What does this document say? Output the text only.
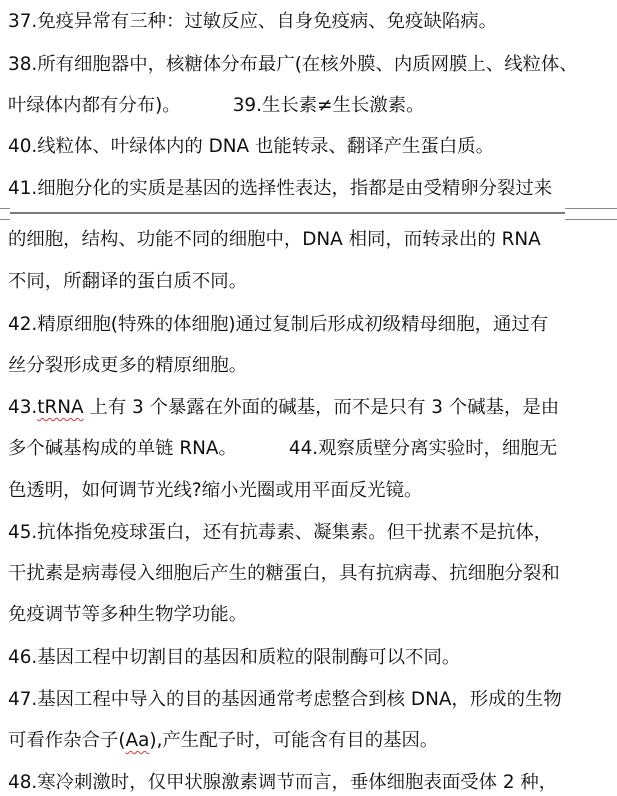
37.免疫异常有三种：过敏反应、自身免疫病、免疫缺陷病。
38.所有细胞器中，核糖体分布最广(在核外膜、内质网膜上、线粒体、
叶绿体内都有分布)。	39.生长素≠生长激素。
40.线粒体、叶绿体内的 DNA 也能转录、翻译产生蛋白质。
41.细胞分化的实质是基因的选择性表达，指都是由受精卵分裂过来
的细胞，结构、功能不同的细胞中，DNA 相同，而转录出的 RNA
不同，所翻译的蛋白质不同。
42.精原细胞(特殊的体细胞)通过复制后形成初级精母细胞，通过有
丝分裂形成更多的精原细胞。
43.tRNA 上有 3 个暴露在外面的碱基，而不是只有 3 个碱基，是由
多个碱基构成的单链 RNA。	44.观察质壁分离实验时，细胞无
色透明，如何调节光线?缩小光圈或用平面反光镜。
45.抗体指免疫球蛋白，还有抗毒素、凝集素。但干扰素不是抗体，
干扰素是病毒侵入细胞后产生的糖蛋白，具有抗病毒、抗细胞分裂和
免疫调节等多种生物学功能。
46.基因工程中切割目的基因和质粒的限制酶可以不同。
47.基因工程中导入的目的基因通常考虑整合到核 DNA，形成的生物
可看作杂合子(Aa),产生配子时，可能含有目的基因。
48.寒冷刺激时，仅甲状腺激素调节而言，垂体细胞表面受体 2 种，
